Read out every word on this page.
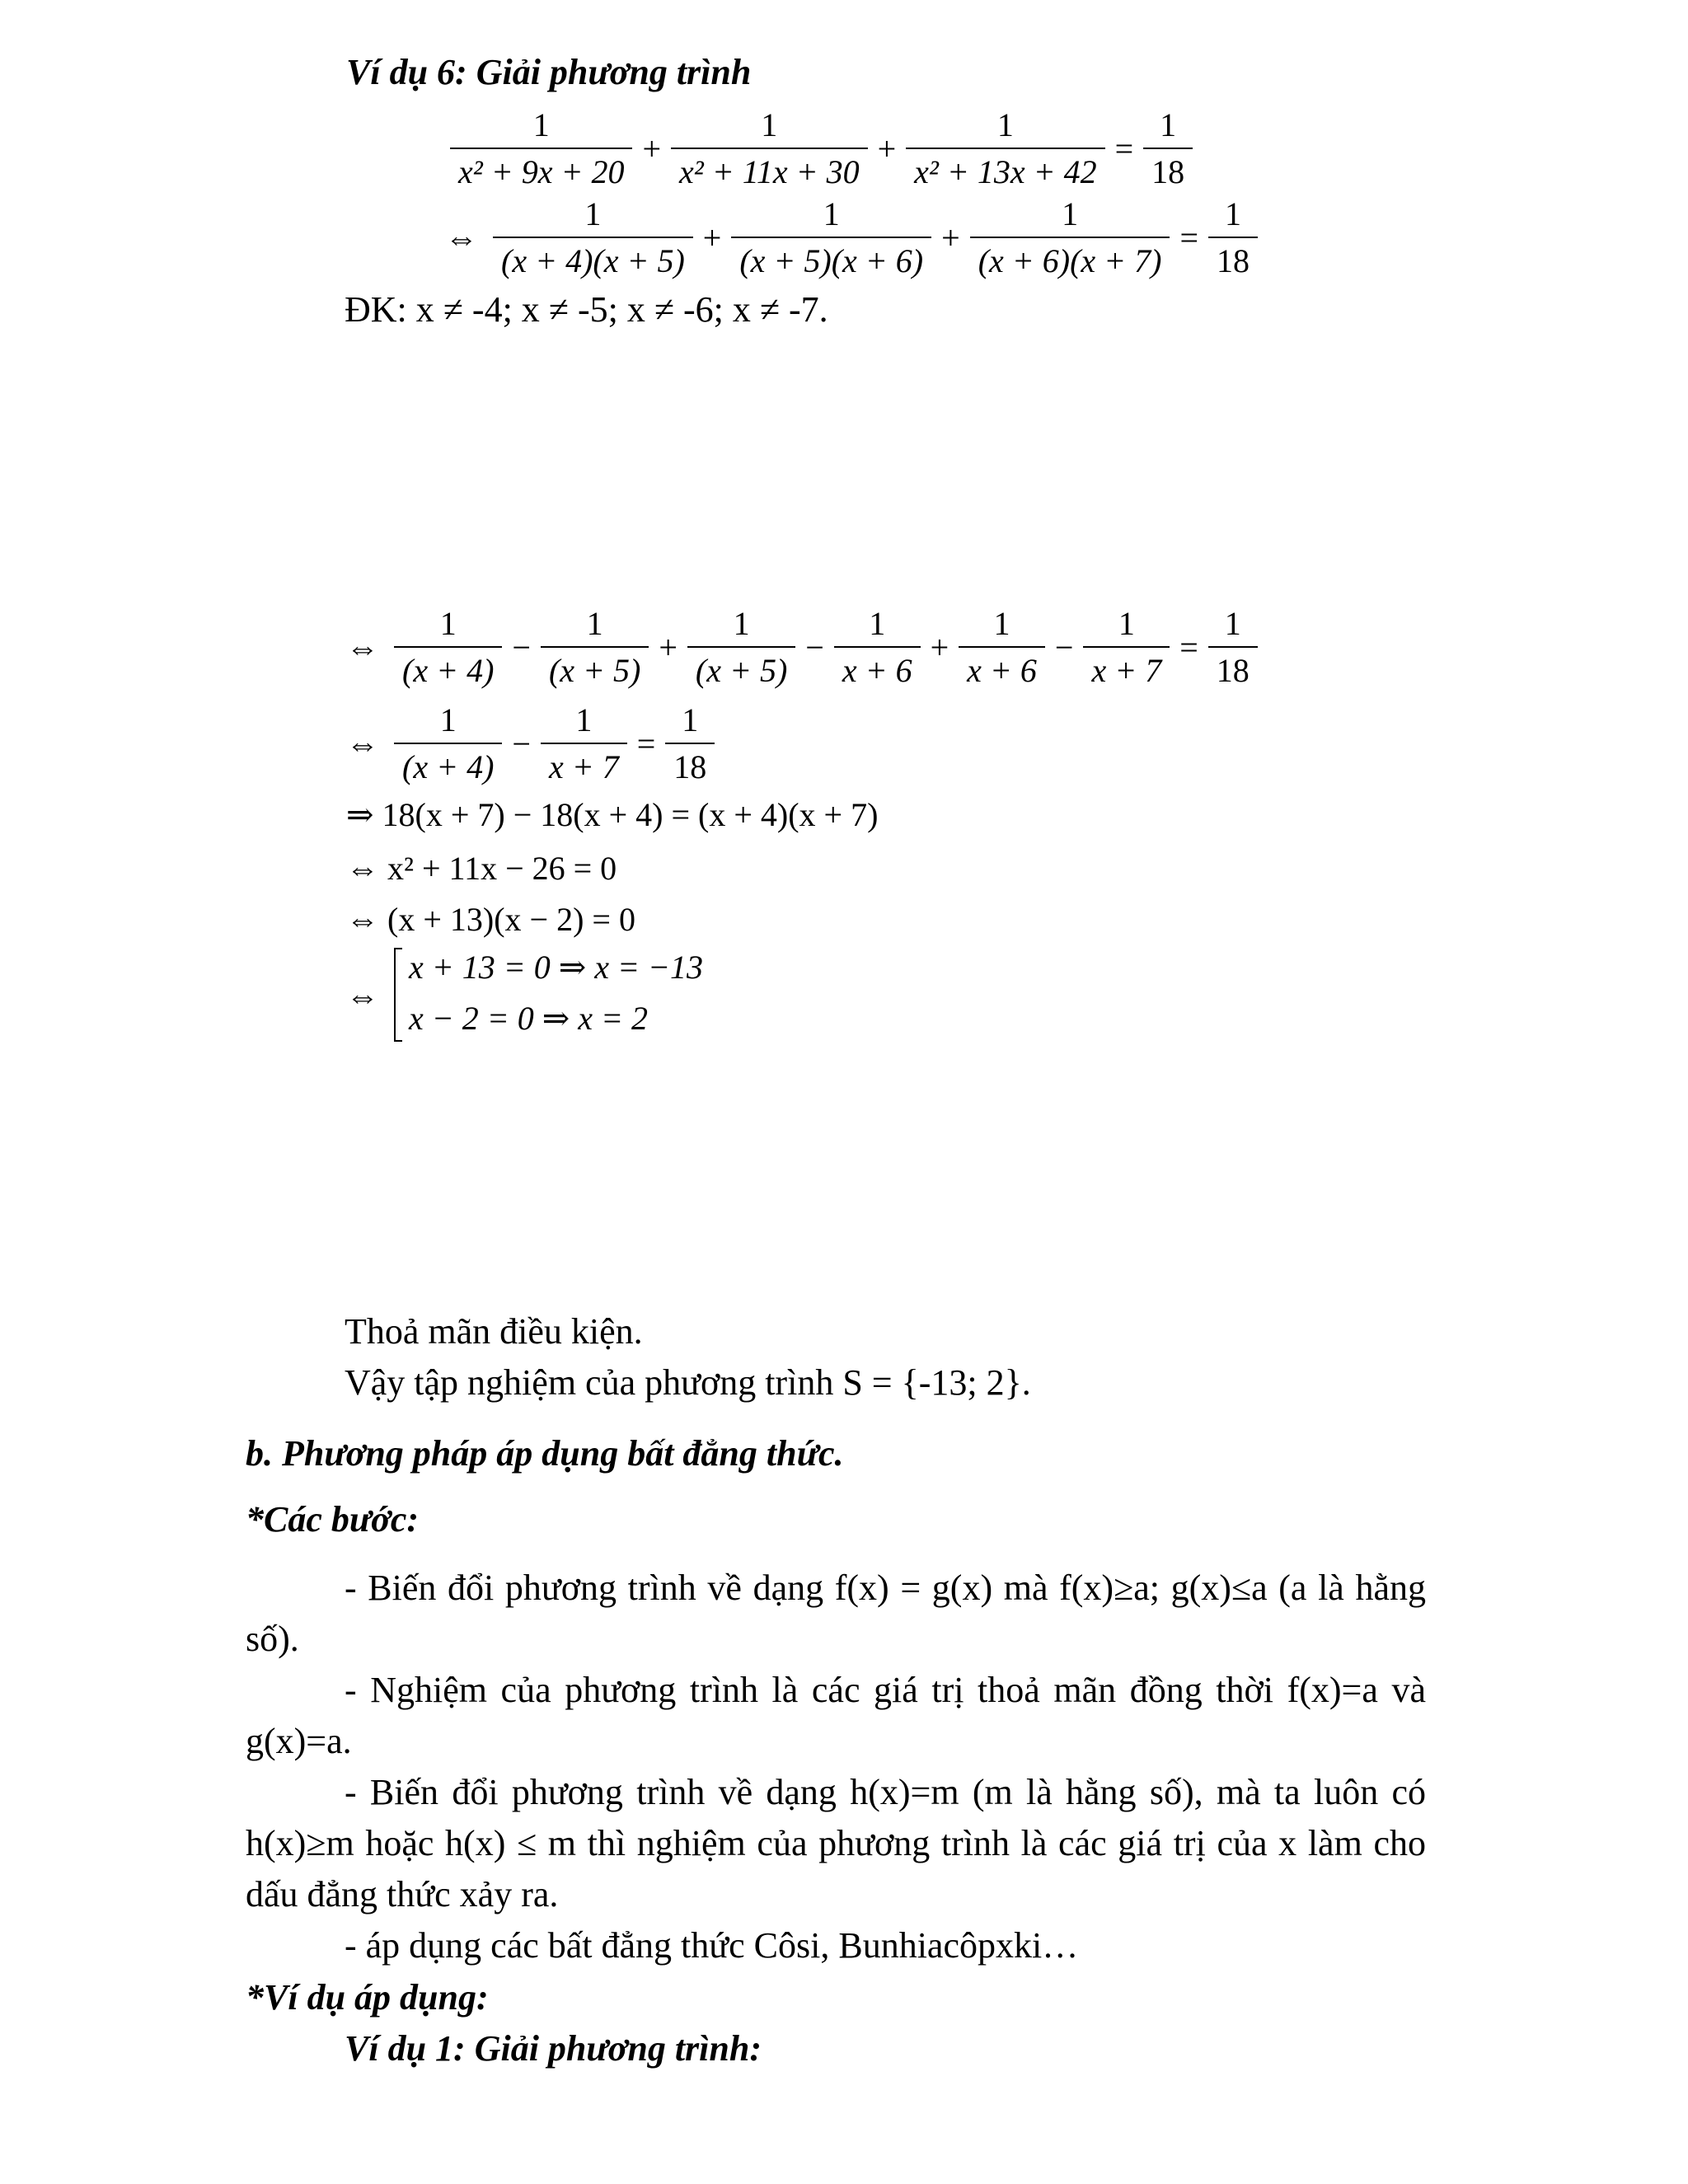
Ví dụ 6: Giải phương trình
$\frac{1}{\text{x² + 9x + 20}} + \frac{1}{\text{x² + 11x + 30}} + \frac{1}{\text{x² + 13x + 42}} = \frac{1}{18}$
⇔ $\frac{1}{(x + 4)(x + 5)} + \frac{1}{(x + 5)(x + 6)} + \frac{1}{(x + 6)(x + 7)} = \frac{1}{18}$
ĐK: x ≠ -4; x ≠ -5; x ≠ -6; x ≠ -7.
⇔ $\frac{1}{(x + 4)} - \frac{1}{(x + 5)} + \frac{1}{(x + 5)} - \frac{1}{x + 6} + \frac{1}{x + 6} - \frac{1}{x + 7} = \frac{1}{18}$
⇔ $\frac{1}{(x + 4)} - \frac{1}{x + 7} = \frac{1}{18}$
⇒ 18(x + 7) − 18(x + 4) = (x + 4)(x + 7)
⇔ x² + 11x − 26 = 0
⇔ (x + 13)(x − 2) = 0
⇔
x + 13 = 0 ⇒ x = −13
x − 2 = 0 ⇒ x = 2
Thoả mãn điều kiện.
Vậy tập nghiệm của phương trình S = {-13; 2}.
b. Phương pháp áp dụng bất đẳng thức.
*Các bước:
- Biến đổi phương trình về dạng f(x) = g(x) mà f(x)≥a; g(x)≤a (a là hằng số).
- Nghiệm của phương trình là các giá trị thoả mãn đồng thời f(x)=a và g(x)=a.
- Biến đổi phương trình về dạng h(x)=m (m là hằng số), mà ta luôn có h(x)≥m hoặc h(x) ≤ m thì nghiệm của phương trình là các giá trị của x làm cho dấu đẳng thức xảy ra.
- áp dụng các bất đẳng thức Côsi, Bunhiacôpxki…
*Ví dụ áp dụng:
Ví dụ 1: Giải phương trình:
